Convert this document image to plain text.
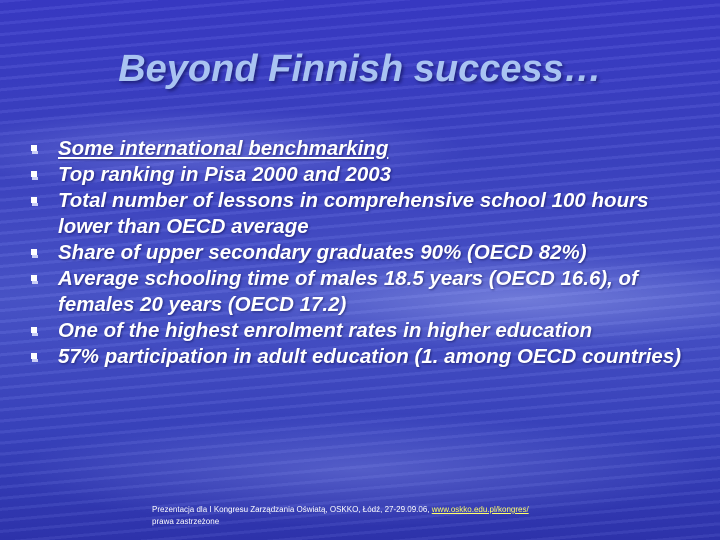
Beyond Finnish success…
Some international benchmarking
Top ranking in Pisa 2000 and 2003
Total number of lessons in comprehensive school 100 hours lower than OECD average
Share of upper secondary graduates 90% (OECD 82%)
Average schooling time of males 18.5 years (OECD 16.6), of females 20 years (OECD 17.2)
One of the highest enrolment rates in higher education
57% participation in adult education (1. among OECD countries)
Prezentacja dla I Kongresu Zarządzania Oświatą, OSKKO, Łódź, 27-29.09.06, www.oskko.edu.pl/kongres/
prawa zastrzeżone
